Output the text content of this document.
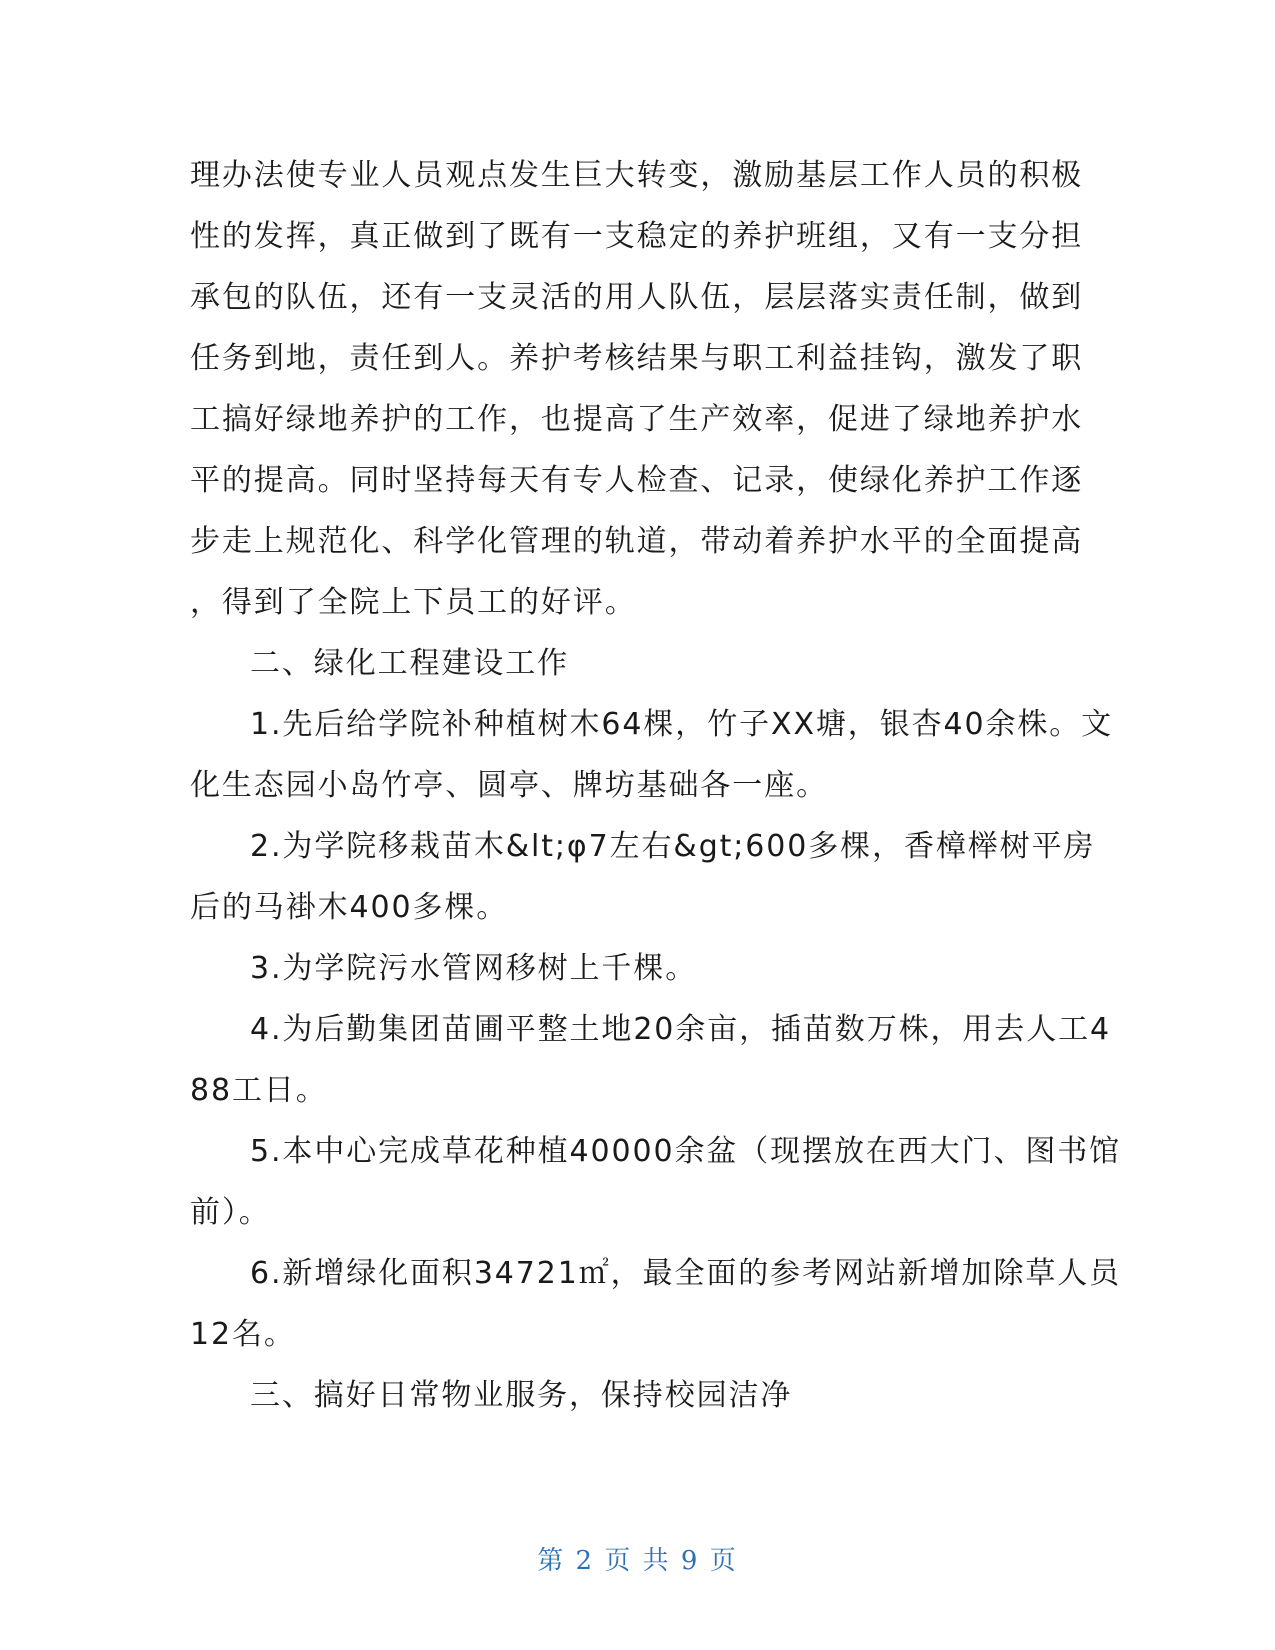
理办法使专业人员观点发生巨大转变，激励基层工作人员的积极
性的发挥，真正做到了既有一支稳定的养护班组，又有一支分担
承包的队伍，还有一支灵活的用人队伍，层层落实责任制，做到
任务到地，责任到人。养护考核结果与职工利益挂钩，激发了职
工搞好绿地养护的工作，也提高了生产效率，促进了绿地养护水
平的提高。同时坚持每天有专人检查、记录，使绿化养护工作逐
步走上规范化、科学化管理的轨道，带动着养护水平的全面提高
，得到了全院上下员工的好评。
二、绿化工程建设工作
1.先后给学院补种植树木64棵，竹子XX塘，银杏40余株。文
化生态园小岛竹亭、圆亭、牌坊基础各一座。
2.为学院移栽苗木&lt;φ7左右&gt;600多棵，香樟榉树平房
后的马褂木400多棵。
3.为学院污水管网移树上千棵。
4.为后勤集团苗圃平整土地20余亩，插苗数万株，用去人工4
88工日。
5.本中心完成草花种植40000余盆（现摆放在西大门、图书馆
前）。
6.新增绿化面积34721㎡，最全面的参考网站新增加除草人员
12名。
三、搞好日常物业服务，保持校园洁净
第 2 页 共 9 页
